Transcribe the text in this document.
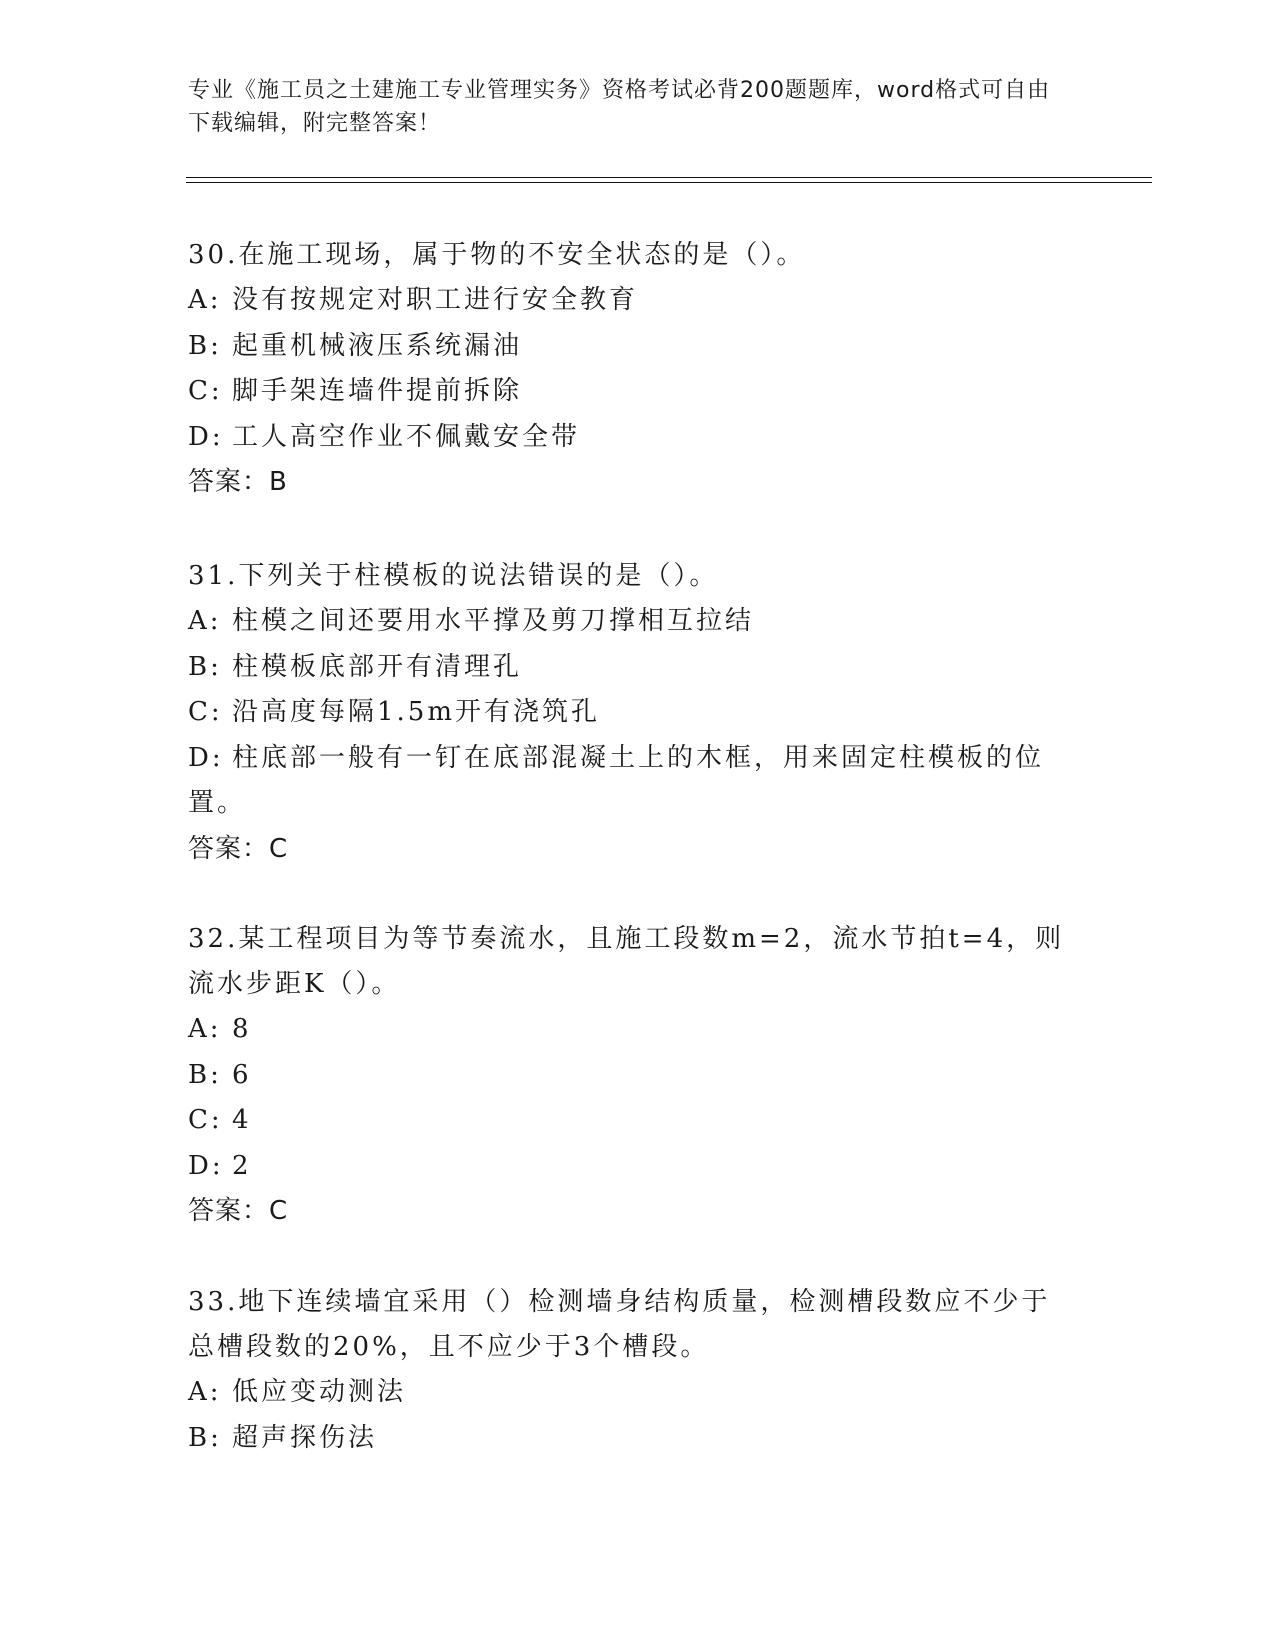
专业《施工员之土建施工专业管理实务》资格考试必背200题题库，word格式可自由下载编辑，附完整答案！
30.在施工现场，属于物的不安全状态的是（）。
A: 没有按规定对职工进行安全教育
B: 起重机械液压系统漏油
C: 脚手架连墙件提前拆除
D: 工人高空作业不佩戴安全带
答案：B
31.下列关于柱模板的说法错误的是（）。
A: 柱模之间还要用水平撑及剪刀撑相互拉结
B: 柱模板底部开有清理孔
C: 沿高度每隔1.5m开有浇筑孔
D: 柱底部一般有一钉在底部混凝土上的木框，用来固定柱模板的位置。
答案：C
32.某工程项目为等节奏流水，且施工段数m=2，流水节拍t=4，则流水步距K（）。
A: 8
B: 6
C: 4
D: 2
答案：C
33.地下连续墙宜采用（）检测墙身结构质量，检测槽段数应不少于总槽段数的20%，且不应少于3个槽段。
A: 低应变动测法
B: 超声探伤法
